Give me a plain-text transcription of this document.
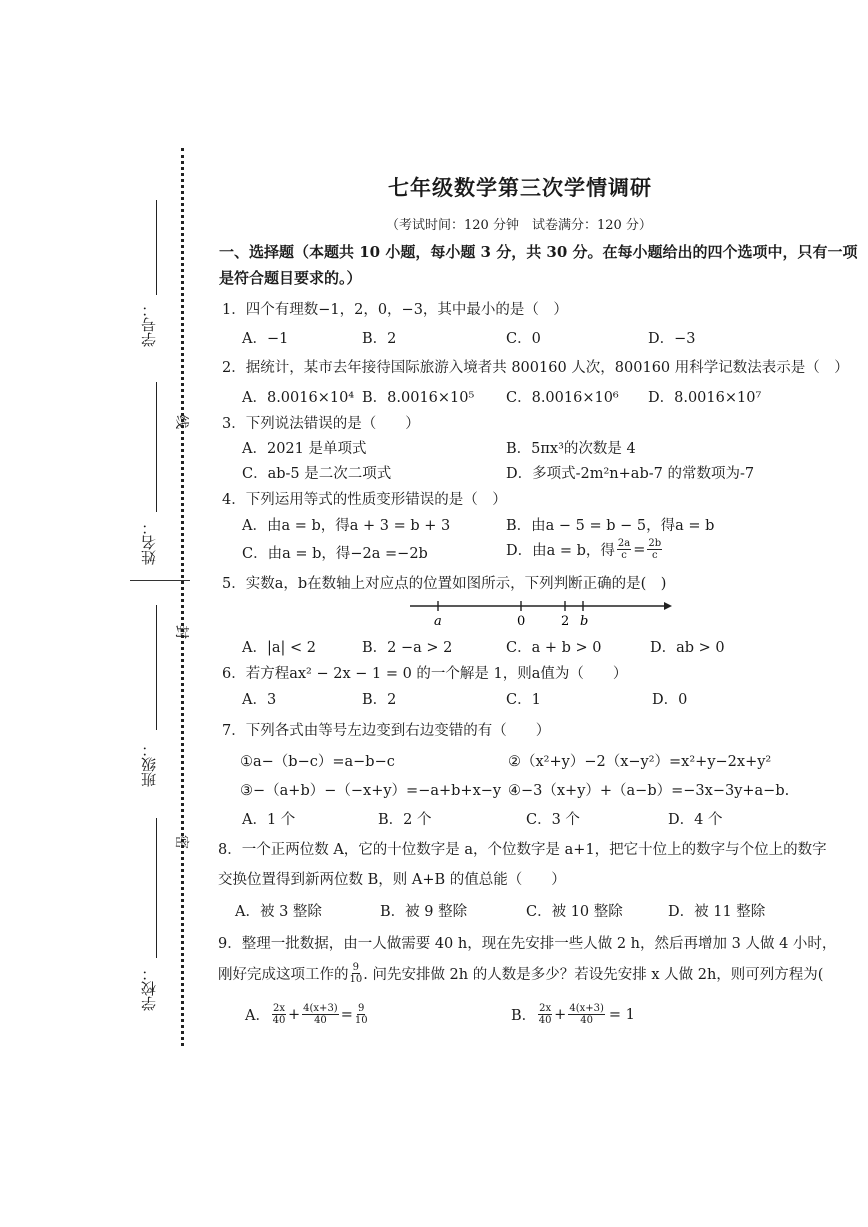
学号：
姓名：
班级：
学校：
线
封
密
七年级数学第三次学情调研
（考试时间：120 分钟　试卷满分：120 分）
一、选择题（本题共 10 小题，每小题 3 分，共 30 分。在每小题给出的四个选项中，只有一项
是符合题目要求的。）
1．四个有理数−1，2，0，−3，其中最小的是（　）
A．−1	B．2	C．0	D．−3
2．据统计，某市去年接待国际旅游入境者共 800160 人次，800160 用科学记数法表示是（　）
A．8.0016×10⁴ B．8.0016×10⁵ C．8.0016×10⁶ D．8.0016×10⁷
3．下列说法错误的是（　　）
A．2021 是单项式	B．5πx³的次数是 4
C．ab-5 是二次二项式	D．多项式-2m²n+ab-7 的常数项为-7
4．下列运用等式的性质变形错误的是（　）
A．由a = b，得a + 3 = b + 3	B．由a − 5 = b − 5，得a = b
C．由a = b，得−2a =−2b	D．由a = b，得 $\frac{2a}{c} = \frac{2b}{c}$
5．实数a，b在数轴上对应点的位置如图所示，下列判断正确的是(　)
a	0	2 b
A．|a| < 2	B．2 −a > 2	C．a + b > 0	D．ab > 0
6．若方程ax² − 2x − 1 = 0 的一个解是 1，则a值为（　　）
A．3	B．2	C．1	D．0
7．下列各式由等号左边变到右边变错的有（　　）
①a−（b−c）=a−b−c	②（x²+y）−2（x−y²）=x²+y−2x+y²
③−（a+b）−（−x+y）=−a+b+x−y ④−3（x+y）+（a−b）=−3x−3y+a−b.
A．1 个	B．2 个	C．3 个	D．4 个
8．一个正两位数 A，它的十位数字是 a，个位数字是 a+1，把它十位上的数字与个位上的数字
交换位置得到新两位数 B，则 A+B 的值总能（　　）
A．被 3 整除	B．被 9 整除	C．被 10 整除	D．被 11 整除
9．整理一批数据，由一人做需要 40 h，现在先安排一些人做 2 h，然后再增加 3 人做 4 小时，
刚好完成这项工作的 $\frac{9}{10}$ . 问先安排做 2h 的人数是多少？若设先安排 x 人做 2h，则可列方程为(
A． $\frac{2x}{40} + \frac{4(x+3)}{40} = \frac{9}{10}$	B． $\frac{2x}{40} + \frac{4(x+3)}{40} = 1$
